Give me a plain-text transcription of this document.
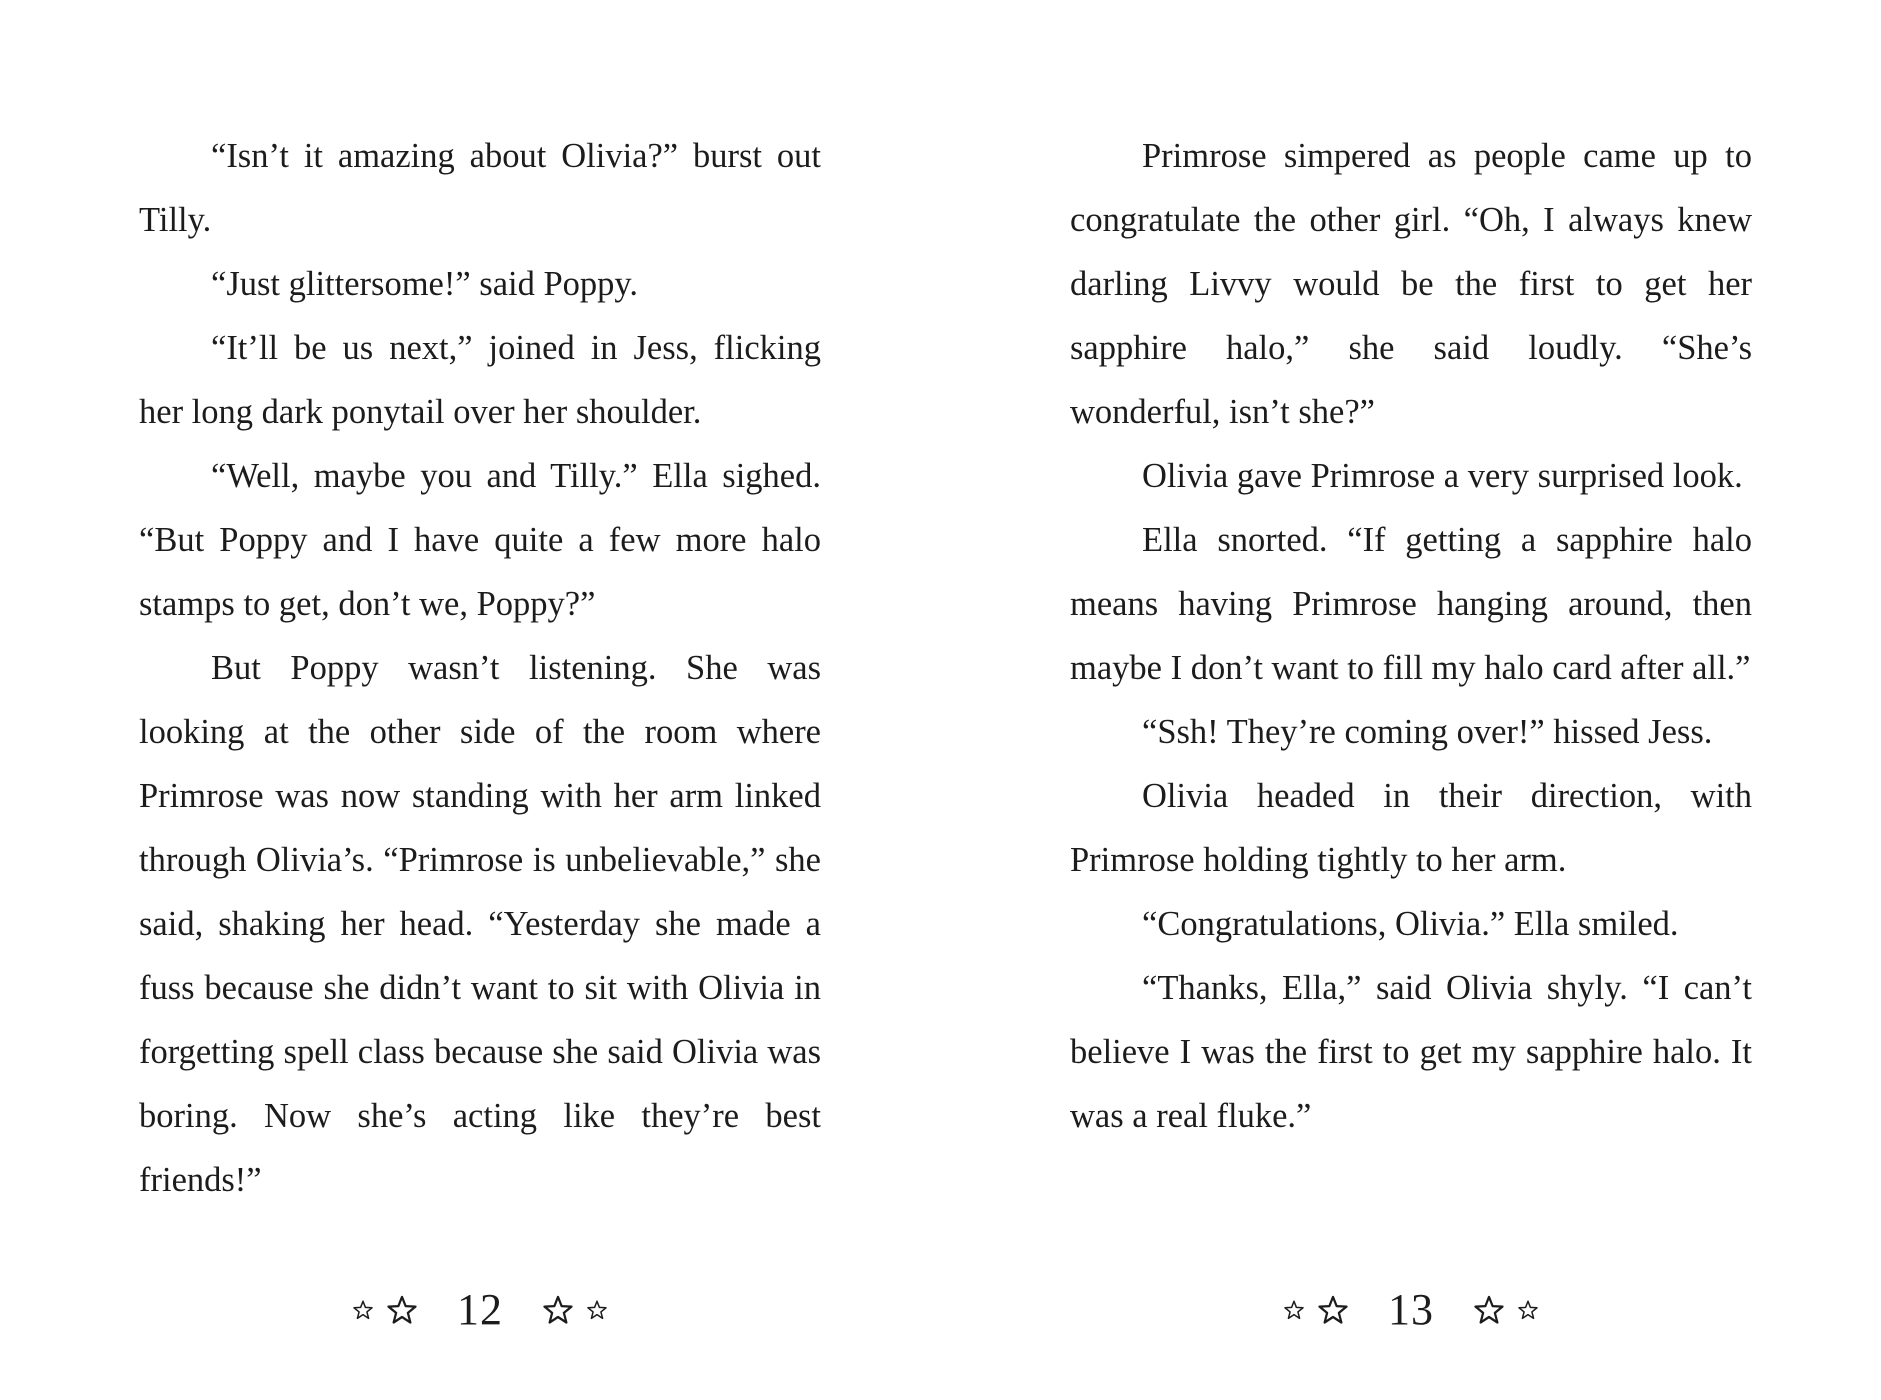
“Isn’t it amazing about Olivia?” burst out Tilly.

“Just glittersome!” said Poppy.

“It’ll be us next,” joined in Jess, flicking her long dark ponytail over her shoulder.

“Well, maybe you and Tilly.” Ella sighed. “But Poppy and I have quite a few more halo stamps to get, don’t we, Poppy?”

But Poppy wasn’t listening. She was looking at the other side of the room where Primrose was now standing with her arm linked through Olivia’s. “Primrose is unbelievable,” she said, shaking her head. “Yesterday she made a fuss because she didn’t want to sit with Olivia in forgetting spell class because she said Olivia was boring. Now she’s acting like they’re best friends!”

Primrose simpered as people came up to congratulate the other girl. “Oh, I always knew darling Livvy would be the first to get her sapphire halo,” she said loudly. “She’s wonderful, isn’t she?”

Olivia gave Primrose a very surprised look.

Ella snorted. “If getting a sapphire halo means having Primrose hanging around, then maybe I don’t want to fill my halo card after all.”

“Ssh! They’re coming over!” hissed Jess.

Olivia headed in their direction, with Primrose holding tightly to her arm.

“Congratulations, Olivia.” Ella smiled.

“Thanks, Ella,” said Olivia shyly. “I can’t believe I was the first to get my sapphire halo. It was a real fluke.”

12	13
